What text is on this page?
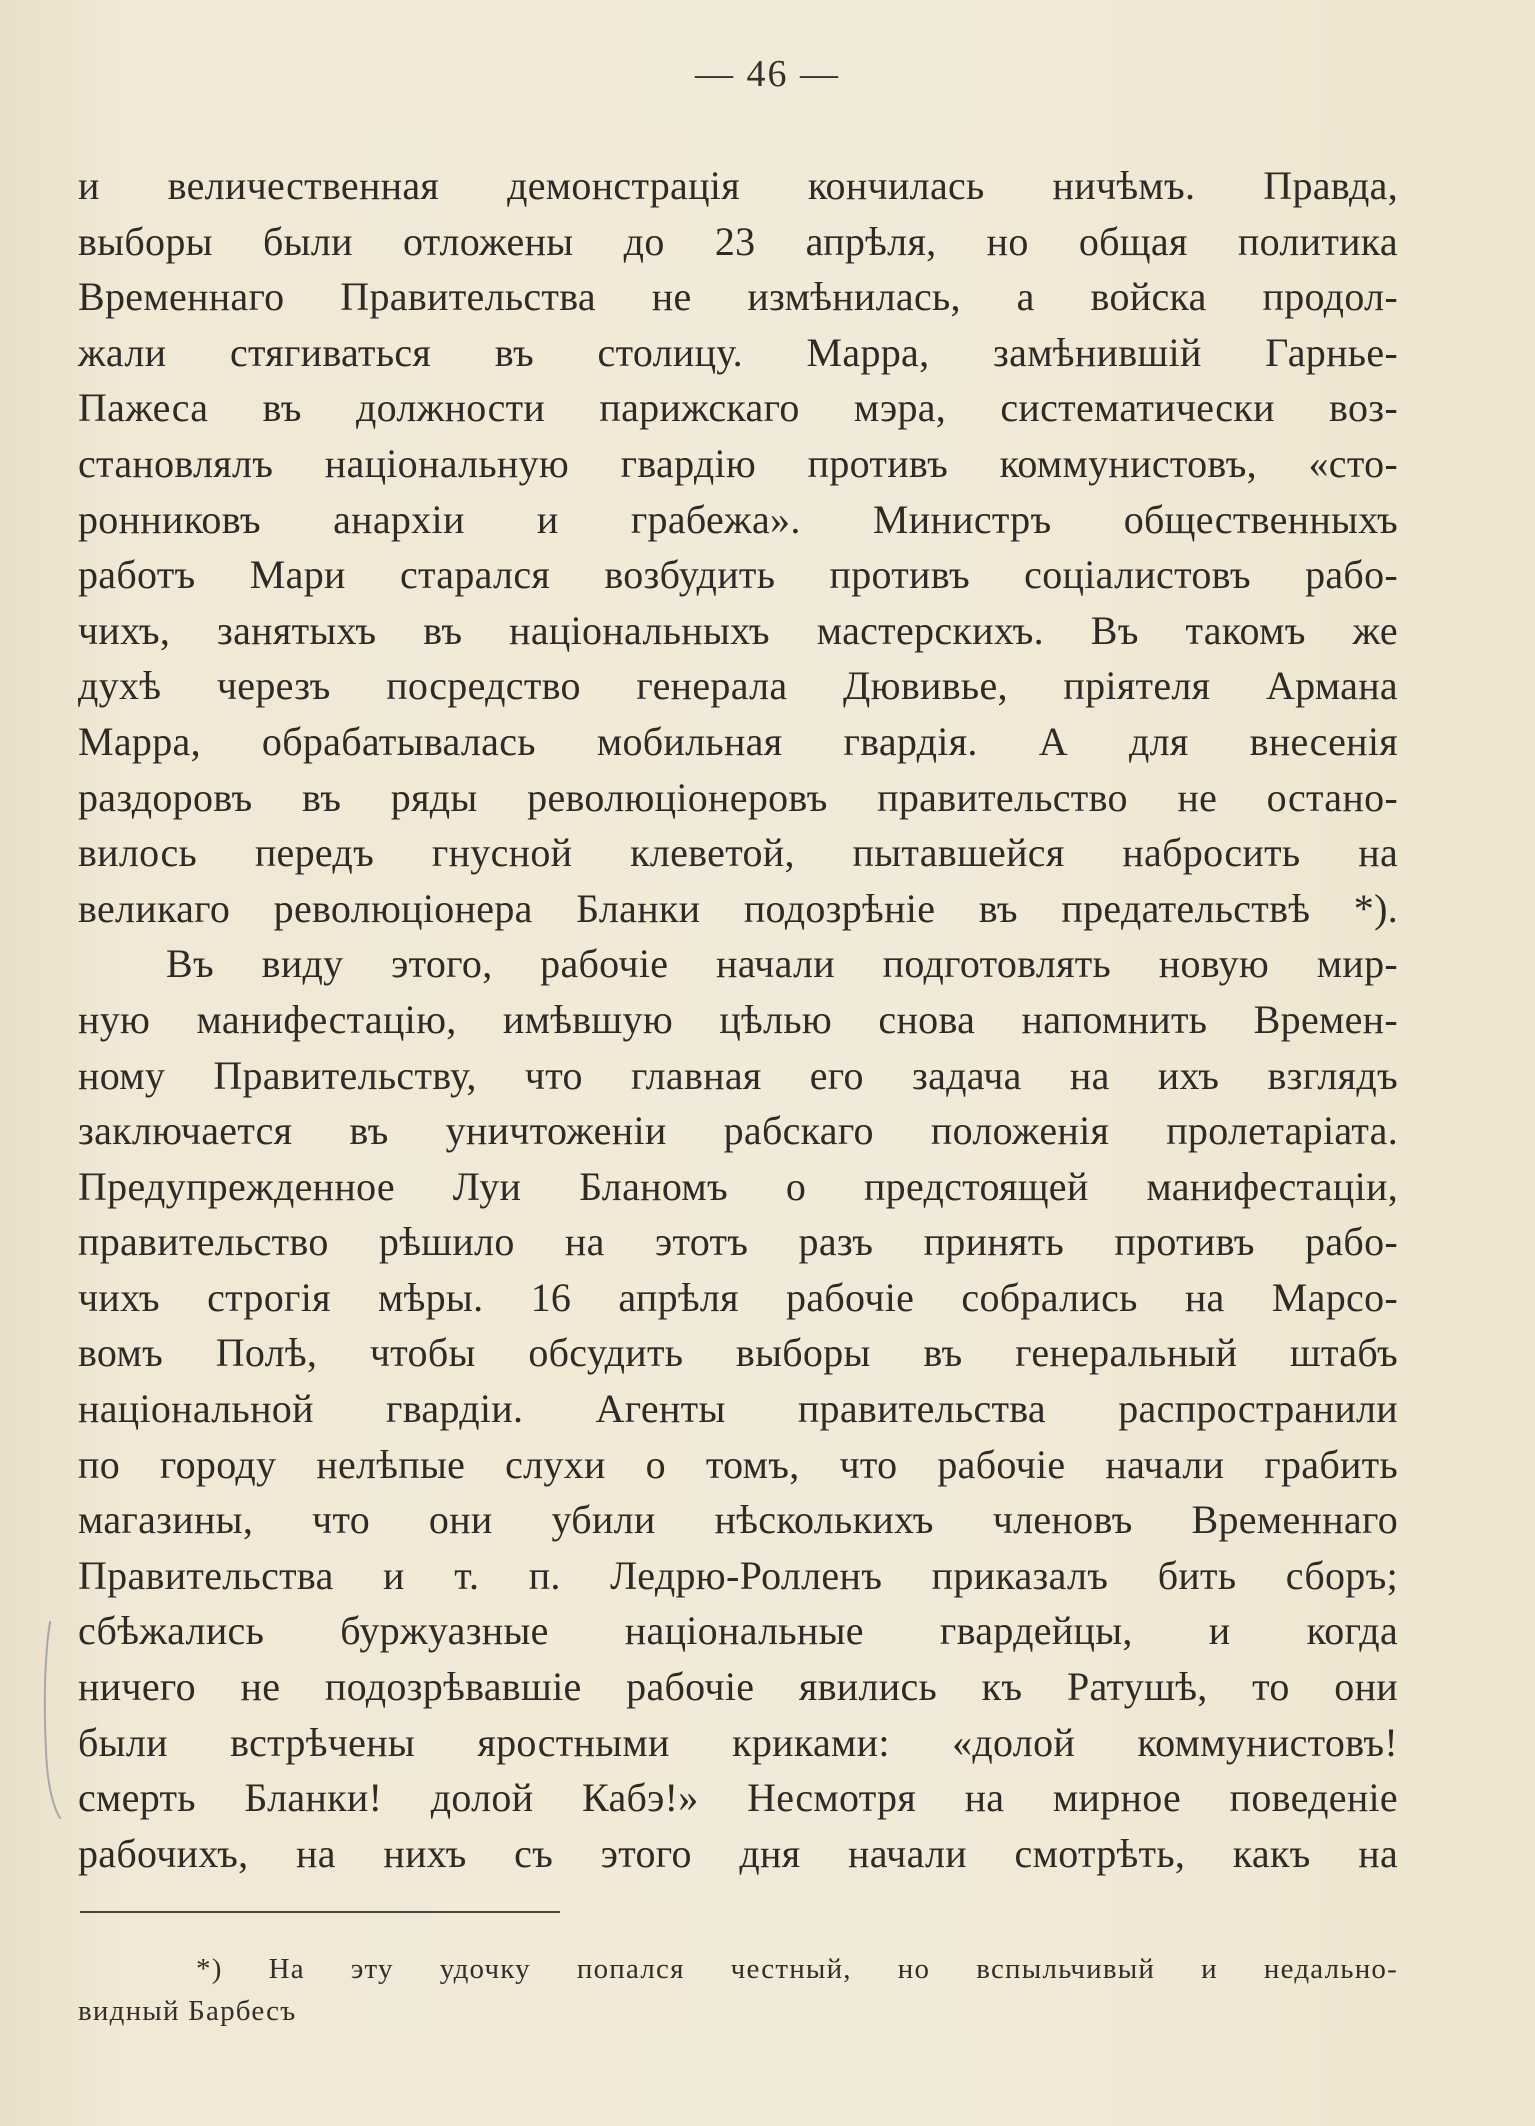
— 46 —
и величественная демонстрація кончилась ничѣмъ. Правда,
выборы были отложены до 23 апрѣля, но общая политика
Временнаго Правительства не измѣнилась, а войска продол-
жали стягиваться въ столицу. Марра, замѣнившій Гарнье-
Пажеса въ должности парижскаго мэра, систематически воз-
становлялъ національную гвардію противъ коммунистовъ, «сто-
ронниковъ анархіи и грабежа». Министръ общественныхъ
работъ Мари старался возбудить противъ соціалистовъ рабо-
чихъ, занятыхъ въ національныхъ мастерскихъ. Въ такомъ же
духѣ черезъ посредство генерала Дювивье, пріятеля Армана
Марра, обрабатывалась мобильная гвардія. А для внесенія
раздоровъ въ ряды революціонеровъ правительство не остано-
вилось передъ гнусной клеветой, пытавшейся набросить на
великаго революціонера Бланки подозрѣніе въ предательствѣ *).
Въ виду этого, рабочіе начали подготовлять новую мир-
ную манифестацію, имѣвшую цѣлью снова напомнить Времен-
ному Правительству, что главная его задача на ихъ взглядъ
заключается въ уничтоженіи рабскаго положенія пролетаріата.
Предупрежденное Луи Бланомъ о предстоящей манифестаціи,
правительство рѣшило на этотъ разъ принять противъ рабо-
чихъ строгія мѣры. 16 апрѣля рабочіе собрались на Марсо-
вомъ Полѣ, чтобы обсудить выборы въ генеральный штабъ
національной гвардіи. Агенты правительства распространили
по городу нелѣпые слухи о томъ, что рабочіе начали грабить
магазины, что они убили нѣсколькихъ членовъ Временнаго
Правительства и т. п. Ледрю-Ролленъ приказалъ бить сборъ;
сбѣжались буржуазные національные гвардейцы, и когда
ничего не подозрѣвавшіе рабочіе явились къ Ратушѣ, то они
были встрѣчены яростными криками: «долой коммунистовъ!
смерть Бланки! долой Кабэ!» Несмотря на мирное поведеніе
рабочихъ, на нихъ съ этого дня начали смотрѣть, какъ на
*) На эту удочку попался честный, но вспыльчивый и недально-
видный Барбесъ
